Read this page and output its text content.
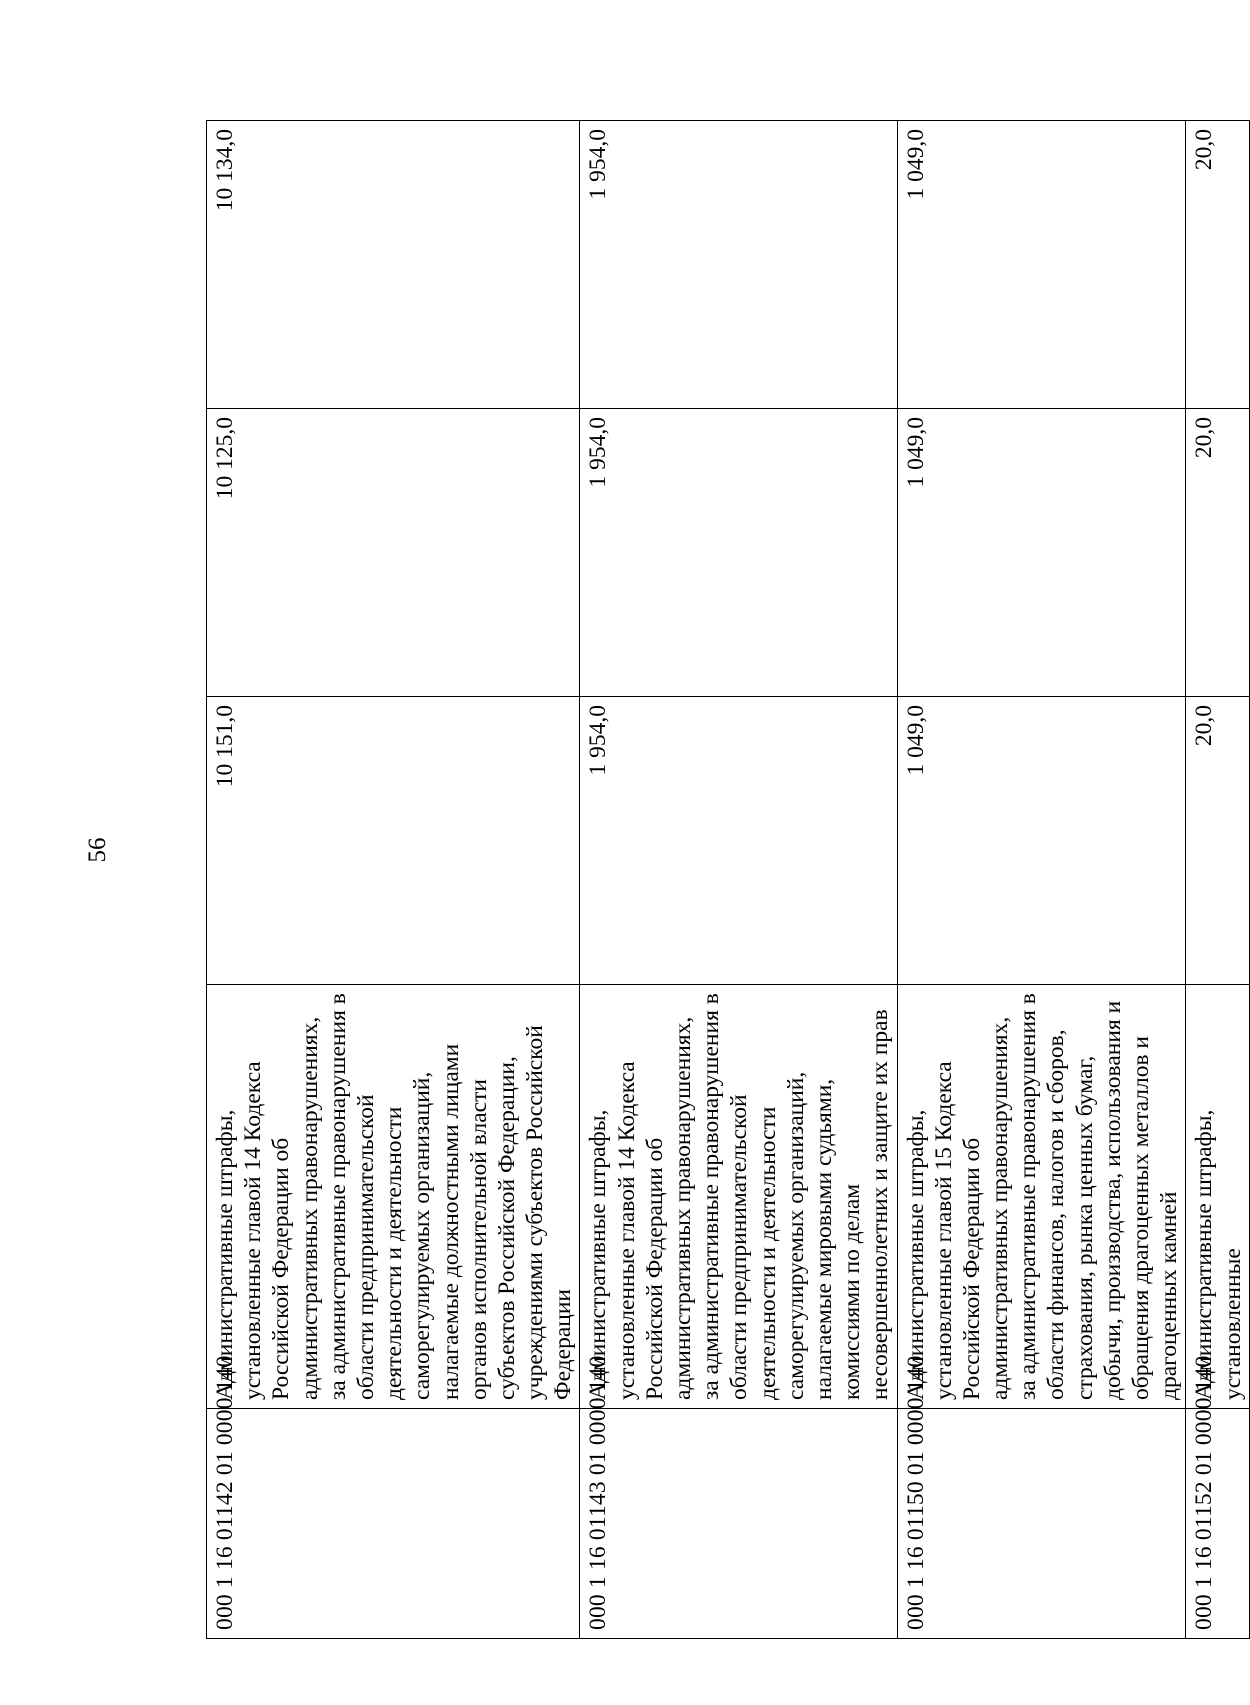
56
000 1 16 01142 01 0000 140	Административные штрафы, установленные главой 14 Кодекса Российской Федерации об административных правонарушениях, за административные правонарушения в области предпринимательской деятельности и деятельности саморегулируемых организаций, налагаемые должностными лицами органов исполнительной власти субъектов Российской Федерации, учреждениями субъектов Российской Федерации	10 151,0	10 125,0	10 134,0
000 1 16 01143 01 0000 140	Административные штрафы, установленные главой 14 Кодекса Российской Федерации об административных правонарушениях, за административные правонарушения в области предпринимательской деятельности и деятельности саморегулируемых организаций, налагаемые мировыми судьями, комиссиями по делам несовершеннолетних и защите их прав	1 954,0	1 954,0	1 954,0
000 1 16 01150 01 0000 140	Административные штрафы, установленные главой 15 Кодекса Российской Федерации об административных правонарушениях, за административные правонарушения в области финансов, налогов и сборов, страхования, рынка ценных бумаг, добычи, производства, использования и обращения драгоценных металлов и драгоценных камней	1 049,0	1 049,0	1 049,0
000 1 16 01152 01 0000 140	Административные штрафы, установленные	20,0	20,0	20,0
